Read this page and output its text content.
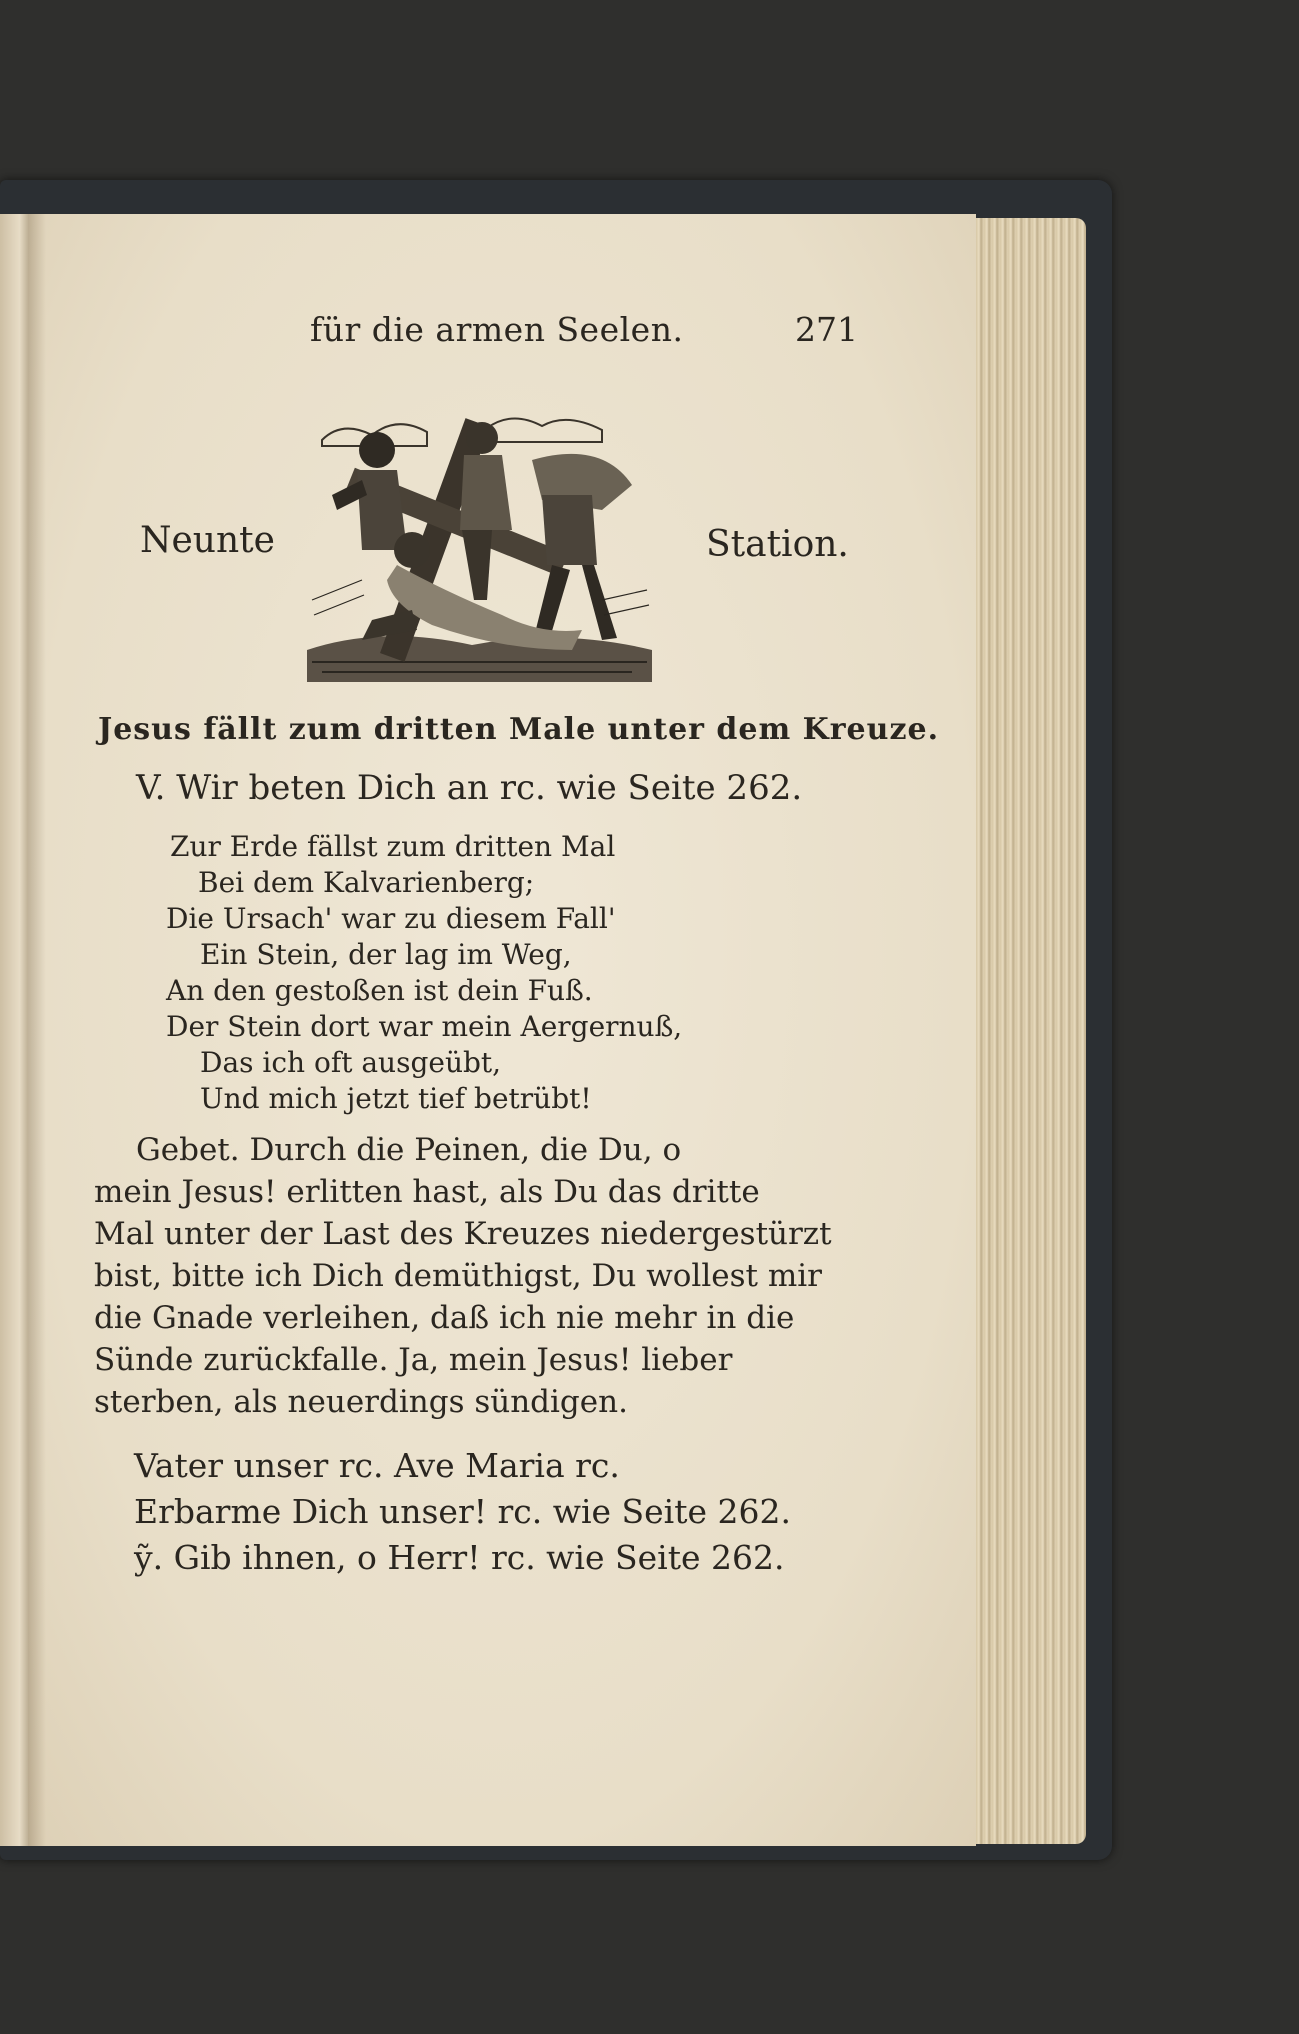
für die armen Seelen.	271
Neunte	Station.
Jesus fällt zum dritten Male unter dem Kreuze.
V. Wir beten Dich an rc. wie Seite 262.
Zur Erde fällst zum dritten Mal
Bei dem Kalvarienberg;
Die Ursach' war zu diesem Fall'
Ein Stein, der lag im Weg,
An den gestoßen ist dein Fuß.
Der Stein dort war mein Aergernuß,
Das ich oft ausgeübt,
Und mich jetzt tief betrübt!
Gebet. Durch die Peinen, die Du, o
mein Jesus! erlitten hast, als Du das dritte
Mal unter der Last des Kreuzes niedergestürzt
bist, bitte ich Dich demüthigst, Du wollest mir
die Gnade verleihen, daß ich nie mehr in die
Sünde zurückfalle. Ja, mein Jesus! lieber
sterben, als neuerdings sündigen.
Vater unser rc. Ave Maria rc.
Erbarme Dich unser! rc. wie Seite 262.
ỹ. Gib ihnen, o Herr! rc. wie Seite 262.
